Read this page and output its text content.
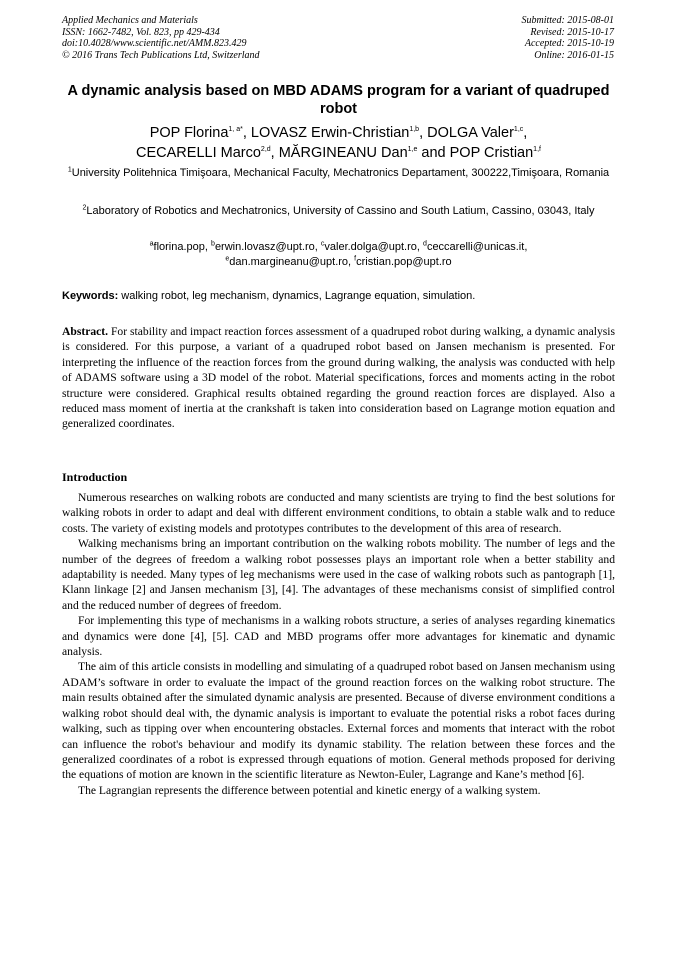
Applied Mechanics and Materials
ISSN: 1662-7482, Vol. 823, pp 429-434
doi:10.4028/www.scientific.net/AMM.823.429
© 2016 Trans Tech Publications Ltd, Switzerland
Submitted: 2015-08-01
Revised: 2015-10-17
Accepted: 2015-10-19
Online: 2016-01-15
A dynamic analysis based on MBD ADAMS program for a variant of quadruped robot

POP Florina$^{1, a*}$, LOVASZ Erwin-Christian$^{1,b}$, DOLGA Valer$^{1,c}$,
CECARELLI Marco$^{2,d}$, MĂRGINEANU Dan$^{1,e}$ and POP Cristian$^{1,f}$

$^1$University Politehnica Timişoara, Mechanical Faculty, Mechatronics Departament, 300222,Timişoara, Romania

$^2$Laboratory of Robotics and Mechatronics, University of Cassino and South Latium, Cassino, 03043, Italy

$^a$florina.pop, $^b$erwin.lovasz@upt.ro, $^c$valer.dolga@upt.ro, $^d$ceccarelli@unicas.it,
$^e$dan.margineanu@upt.ro, $^f$cristian.pop@upt.ro

Keywords: walking robot, leg mechanism, dynamics, Lagrange equation, simulation.

Abstract. For stability and impact reaction forces assessment of a quadruped robot during walking, a dynamic analysis is considered. For this purpose, a variant of a quadruped robot based on Jansen mechanism is presented. For interpreting the influence of the reaction forces from the ground during walking, the analysis was conducted with help of ADAMS software using a 3D model of the robot. Material specifications, forces and moments acting in the robot structure were considered. Graphical results obtained regarding the ground reaction forces are displayed. Also a reduced mass moment of inertia at the crankshaft is taken into consideration based on Lagrange motion equation and generalized coordinates.

Introduction

Numerous researches on walking robots are conducted and many scientists are trying to find the best solutions for walking robots in order to adapt and deal with different environment conditions, to obtain a stable walk and to reduce costs. The variety of existing models and prototypes contributes to the development of this area of research.

Walking mechanisms bring an important contribution on the walking robots mobility. The number of legs and the number of the degrees of freedom a walking robot possesses plays an important role when a better stability and adaptability is needed. Many types of leg mechanisms were used in the case of walking robots such as pantograph [1], Klann linkage [2] and Jansen mechanism [3], [4]. The advantages of these mechanisms consist of simplified control and the reduced number of degrees of freedom.

For implementing this type of mechanisms in a walking robots structure, a series of analyses regarding kinematics and dynamics were done [4], [5]. CAD and MBD programs offer more advantages for kinematic and dynamic analysis.

The aim of this article consists in modelling and simulating of a quadruped robot based on Jansen mechanism using ADAM’s software in order to evaluate the impact of the ground reaction forces on the walking robot structure. The main results obtained after the simulated dynamic analysis are presented. Because of diverse environment conditions a walking robot should deal with, the dynamic analysis is important to evaluate the potential risks a robot faces during walking, such as tipping over when encountering obstacles. External forces and moments that interact with the robot can influence the robot's behaviour and modify its dynamic stability. The relation between these forces and the generalized coordinates of a robot is expressed through equations of motion. General methods proposed for deriving the equations of motion are known in the scientific literature as Newton-Euler, Lagrange and Kane’s method [6].

The Lagrangian represents the difference between potential and kinetic energy of a walking system.
